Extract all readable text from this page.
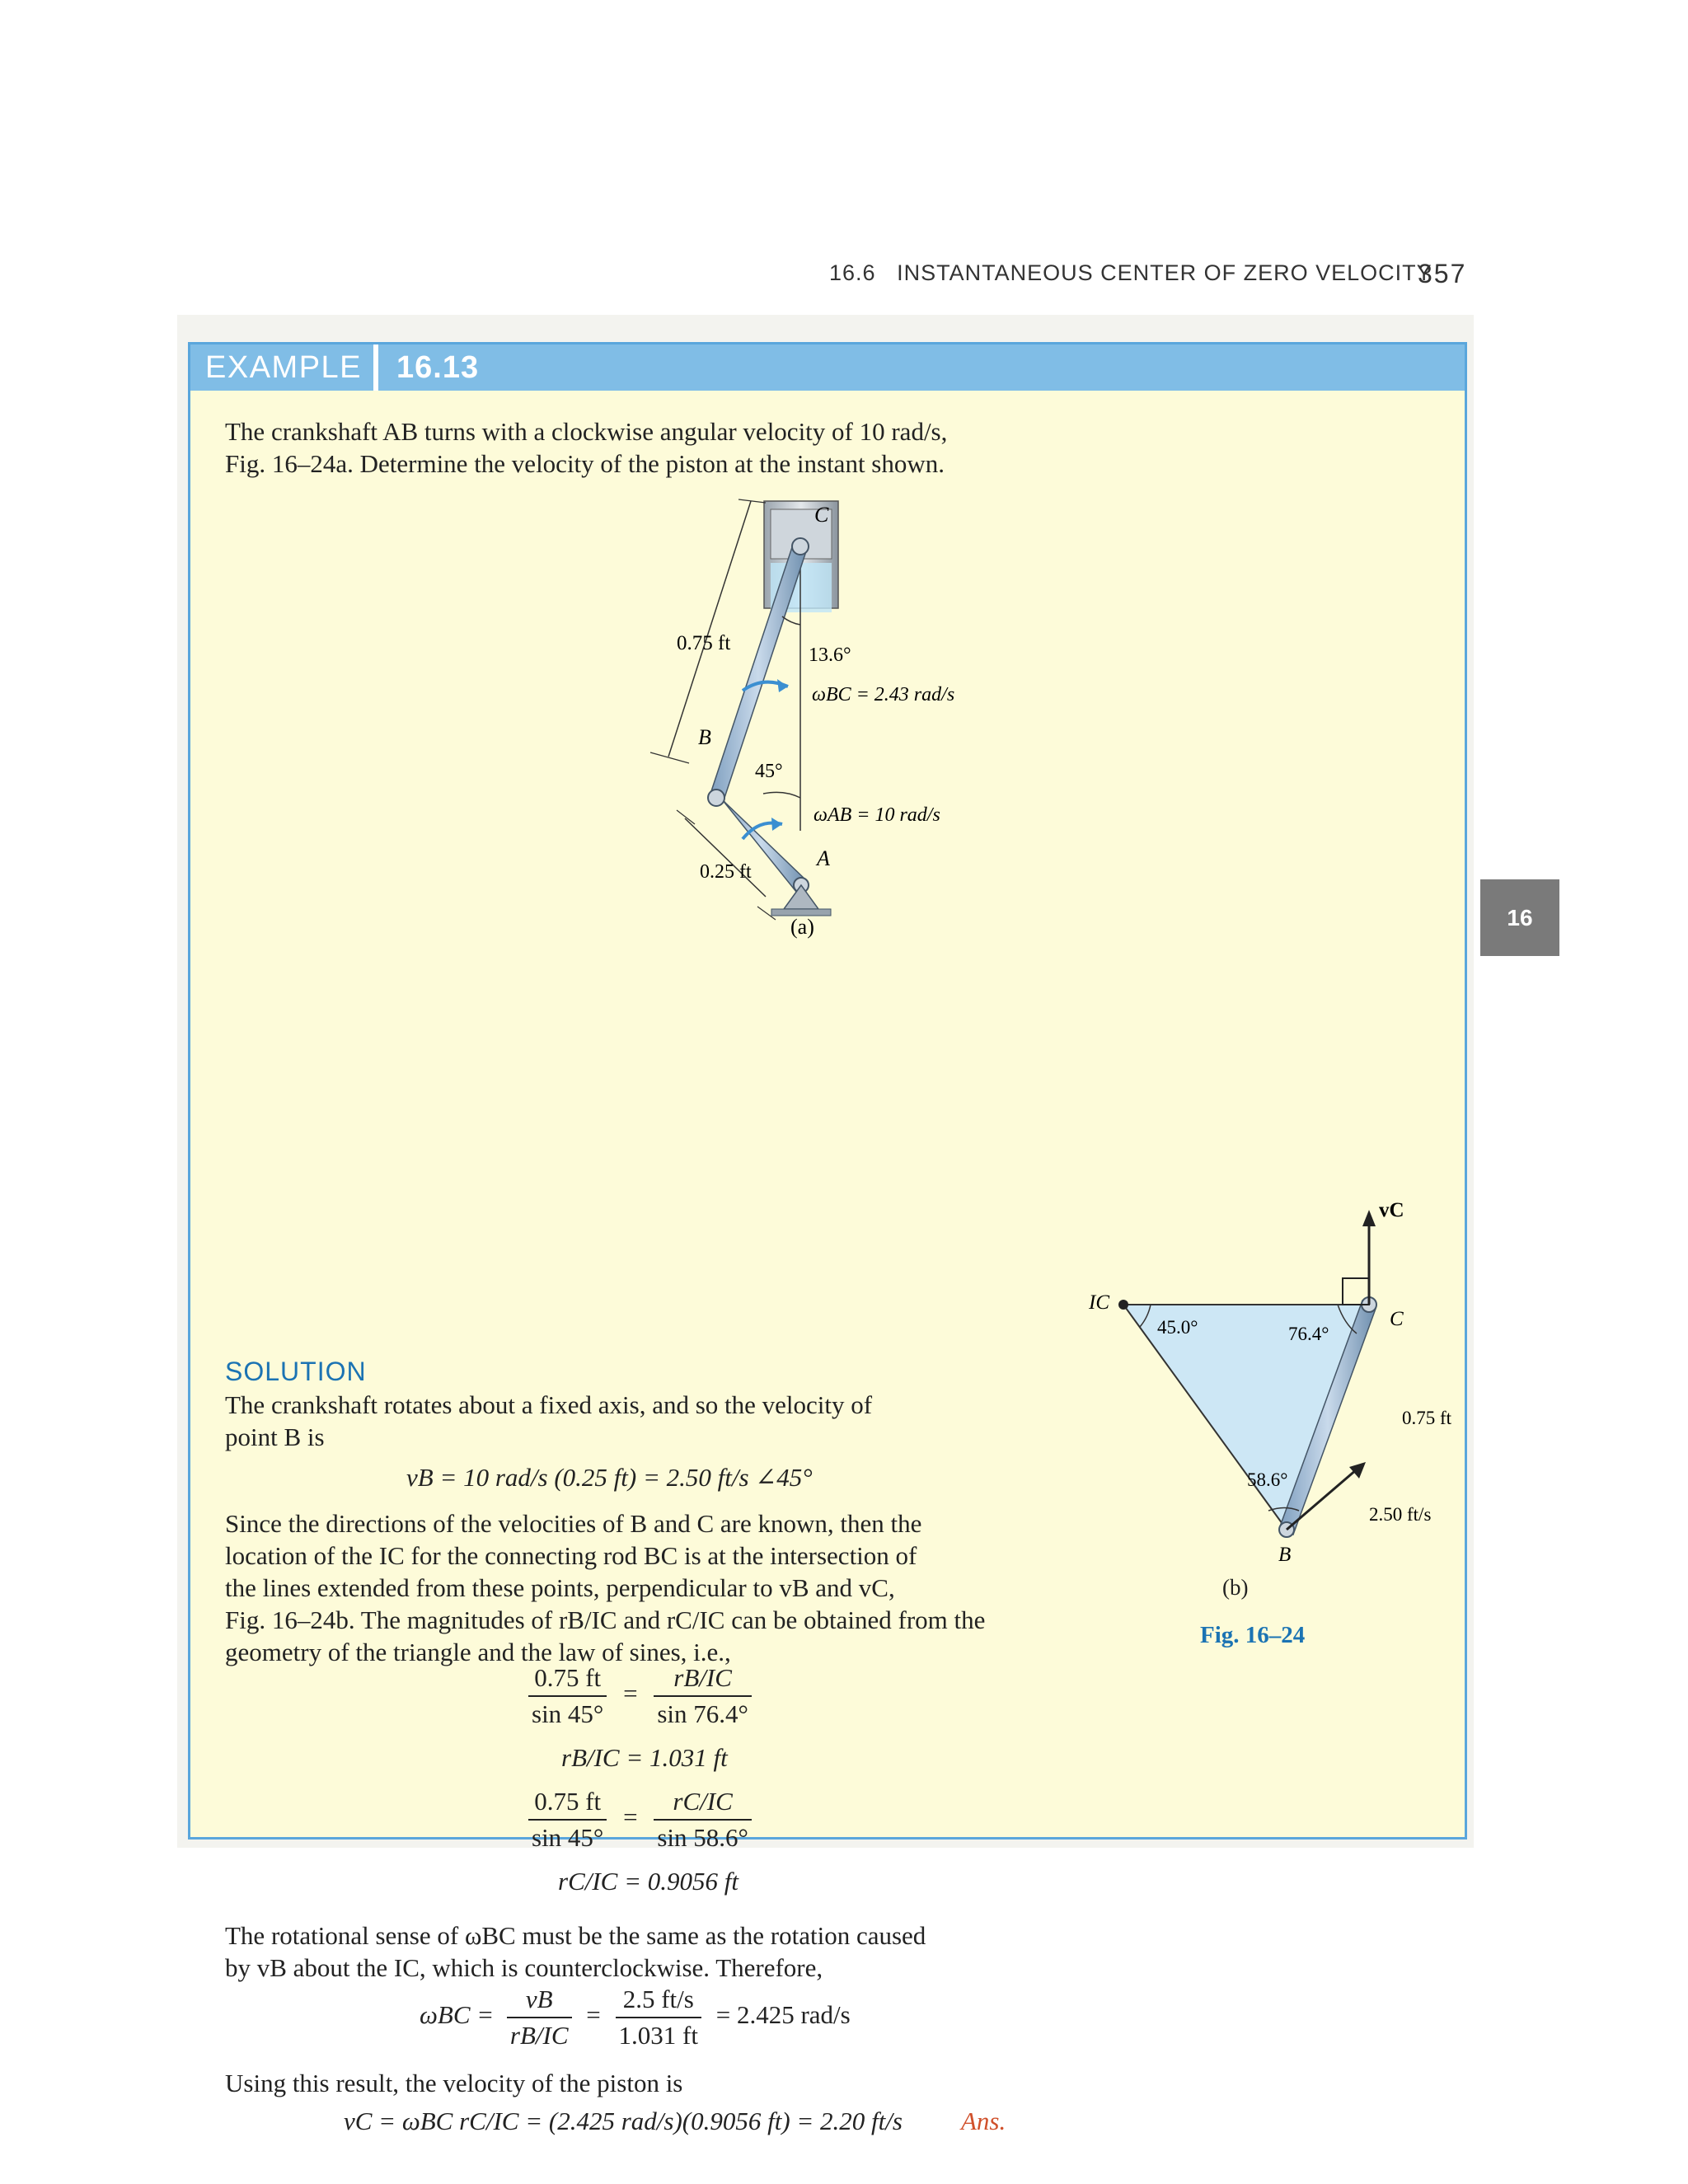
16.6 INSTANTANEOUS CENTER OF ZERO VELOCITY
357
16
EXAMPLE	16.13
The crankshaft AB turns with a clockwise angular velocity of 10 rad/s,
Fig. 16–24a. Determine the velocity of the piston at the instant shown.
C
0.75 ft
13.6°
ωBC = 2.43 rad/s
B
45°
ωAB = 10 rad/s
A
0.25 ft
(a)
SOLUTION
The crankshaft rotates about a fixed axis, and so the velocity of
point B is
vB = 10 rad/s (0.25 ft) = 2.50 ft/s ∠45°
Since the directions of the velocities of B and C are known, then the
location of the IC for the connecting rod BC is at the intersection of
the lines extended from these points, perpendicular to vB and vC,
Fig. 16–24b. The magnitudes of rB/IC and rC/IC can be obtained from the
geometry of the triangle and the law of sines, i.e.,
$\frac{0.75 ft}{\sin 45^\circ} = \frac{rB/IC}{\sin 76.4^\circ}$
rB/IC = 1.031 ft
$\frac{0.75 ft}{\sin 45^\circ} = \frac{rC/IC}{\sin 58.6^\circ}$
rC/IC = 0.9056 ft
The rotational sense of ωBC must be the same as the rotation caused
by vB about the IC, which is counterclockwise. Therefore,
$\omega BC = \frac{vB}{rB/IC} = \frac{2.5 ft/s}{1.031 ft} = 2.425$ rad/s
Using this result, the velocity of the piston is
vC = ωBC rC/IC = (2.425 rad/s)(0.9056 ft) = 2.20 ft/s Ans.
IC
vC
C
45.0°	76.4°
0.75 ft
58.6°
2.50 ft/s
B
(b)
Fig. 16–24
